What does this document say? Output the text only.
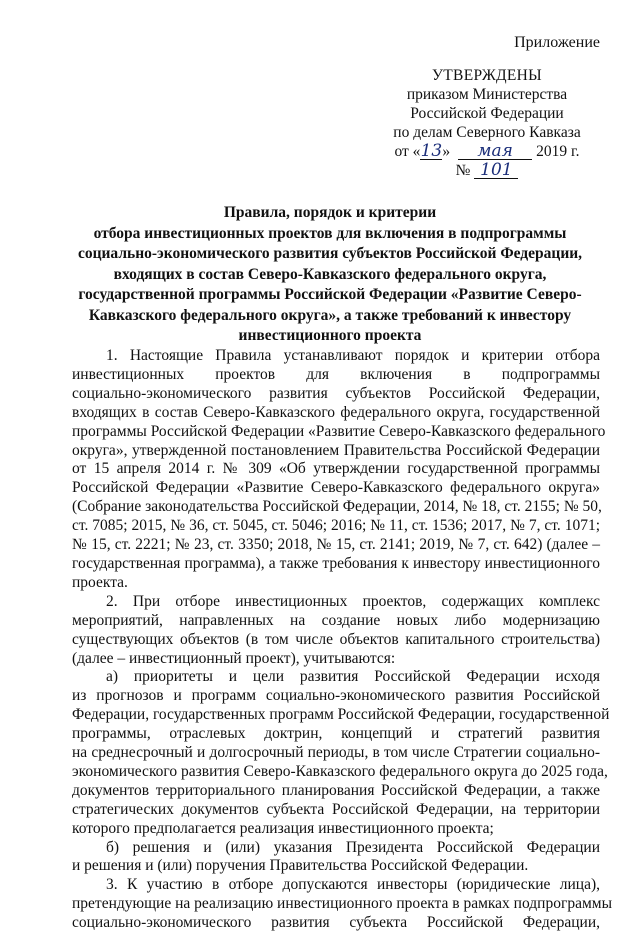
Приложение
УТВЕРЖДЕНЫ
приказом Министерства
Российской Федерации
по делам Северного Кавказа
от « 13 »	мая	2019 г.
№ 101
Правила, порядок и критерии
отбора инвестиционных проектов для включения в подпрограммы
социально-экономического развития субъектов Российской Федерации,
входящих в состав Северо-Кавказского федерального округа,
государственной программы Российской Федерации «Развитие Северо-
Кавказского федерального округа», а также требований к инвестору
инвестиционного проекта
1. Настоящие Правила устанавливают порядок и критерии отбора
инвестиционных проектов для включения в подпрограммы
социально-экономического развития субъектов Российской Федерации,
входящих в состав Северо-Кавказского федерального округа, государственной
программы Российской Федерации «Развитие Северо-Кавказского федерального
округа», утвержденной постановлением Правительства Российской Федерации
от 15 апреля 2014 г. № 309 «Об утверждении государственной программы
Российской Федерации «Развитие Северо-Кавказского федерального округа»
(Собрание законодательства Российской Федерации, 2014, № 18, ст. 2155; № 50,
ст. 7085; 2015, № 36, ст. 5045, ст. 5046; 2016; № 11, ст. 1536; 2017, № 7, ст. 1071;
№ 15, ст. 2221; № 23, ст. 3350; 2018, № 15, ст. 2141; 2019, № 7, ст. 642) (далее –
государственная программа), а также требования к инвестору инвестиционного
проекта.
2. При отборе инвестиционных проектов, содержащих комплекс
мероприятий, направленных на создание новых либо модернизацию
существующих объектов (в том числе объектов капитального строительства)
(далее – инвестиционный проект), учитываются:
а) приоритеты и цели развития Российской Федерации исходя
из прогнозов и программ социально-экономического развития Российской
Федерации, государственных программ Российской Федерации, государственной
программы, отраслевых доктрин, концепций и стратегий развития
на среднесрочный и долгосрочный периоды, в том числе Стратегии социально-
экономического развития Северо-Кавказского федерального округа до 2025 года,
документов территориального планирования Российской Федерации, а также
стратегических документов субъекта Российской Федерации, на территории
которого предполагается реализация инвестиционного проекта;
б) решения и (или) указания Президента Российской Федерации
и решения и (или) поручения Правительства Российской Федерации.
3. К участию в отборе допускаются инвесторы (юридические лица),
претендующие на реализацию инвестиционного проекта в рамках подпрограммы
социально-экономического развития субъекта Российской Федерации,
